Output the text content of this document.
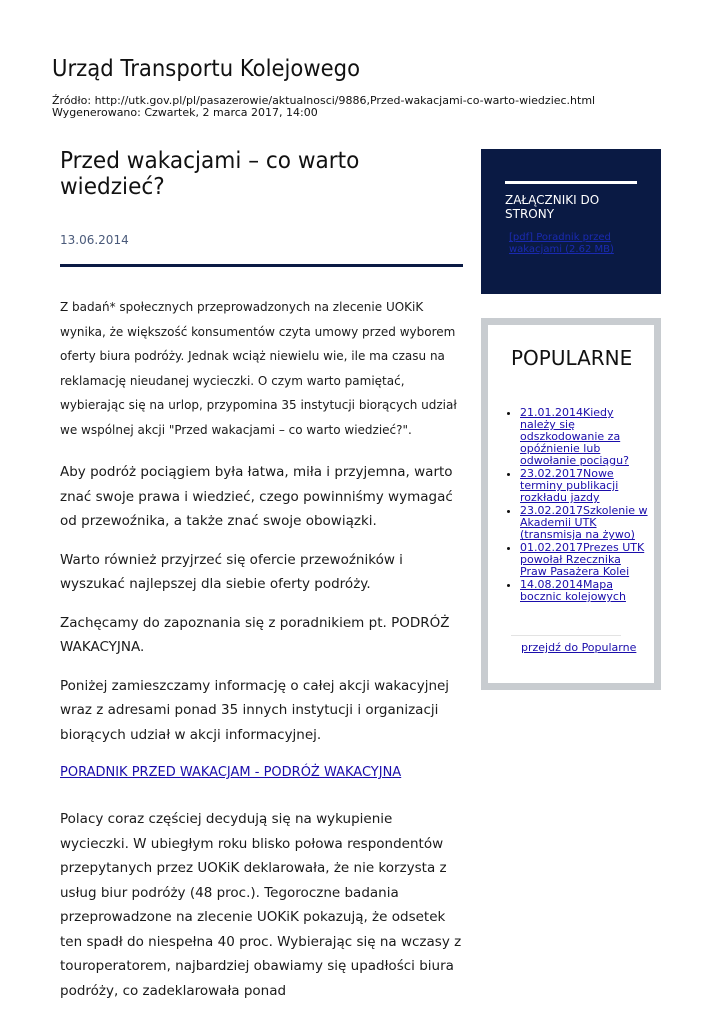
Urząd Transportu Kolejowego
Źródło: http://utk.gov.pl/pl/pasazerowie/aktualnosci/9886,Przed-wakacjami-co-warto-wiedziec.html
Wygenerowano: Czwartek, 2 marca 2017, 14:00
Przed wakacjami – co warto wiedzieć?
13.06.2014

Z badań* społecznych przeprowadzonych na zlecenie UOKiK wynika, że większość konsumentów czyta umowy przed wyborem oferty biura podróży. Jednak wciąż niewielu wie, ile ma czasu na reklamację nieudanej wycieczki. O czym warto pamiętać, wybierając się na urlop, przypomina 35 instytucji biorących udział we wspólnej akcji "Przed wakacjami – co warto wiedzieć?".

Aby podróż pociągiem była łatwa, miła i przyjemna, warto znać swoje prawa i wiedzieć, czego powinniśmy wymagać od przewoźnika, a także znać swoje obowiązki.

Warto również przyjrzeć się ofercie przewoźników i wyszukać najlepszej dla siebie oferty podróży.

Zachęcamy do zapoznania się z poradnikiem pt. PODRÓŻ WAKACYJNA.

Poniżej zamieszczamy informację o całej akcji wakacyjnej wraz z adresami ponad 35 innych instytucji i organizacji biorących udział w akcji informacyjnej.

PORADNIK PRZED WAKACJAM - PODRÓŻ WAKACYJNA

Polacy coraz częściej decydują się na wykupienie wycieczki. W ubiegłym roku blisko połowa respondentów przepytanych przez UOKiK deklarowała, że nie korzysta z usług biur podróży (48 proc.). Tegoroczne badania przeprowadzone na zlecenie UOKiK pokazują, że odsetek ten spadł do niespełna 40 proc. Wybierając się na wczasy z touroperatorem, najbardziej obawiamy się upadłości biura podróży, co zadeklarowała ponad

ZAŁĄCZNIKI DO STRONY
[pdf] Poradnik przed wakacjami (2.62 MB)
POPULARNE
• 21.01.2014Kiedy należy się odszkodowanie za opóźnienie lub odwołanie pociągu?
• 23.02.2017Nowe terminy publikacji rozkładu jazdy
• 23.02.2017Szkolenie w Akademii UTK (transmisja na żywo)
• 01.02.2017Prezes UTK powołał Rzecznika Praw Pasażera Kolei
• 14.08.2014Mapa bocznic kolejowych
przejdź do Popularne
